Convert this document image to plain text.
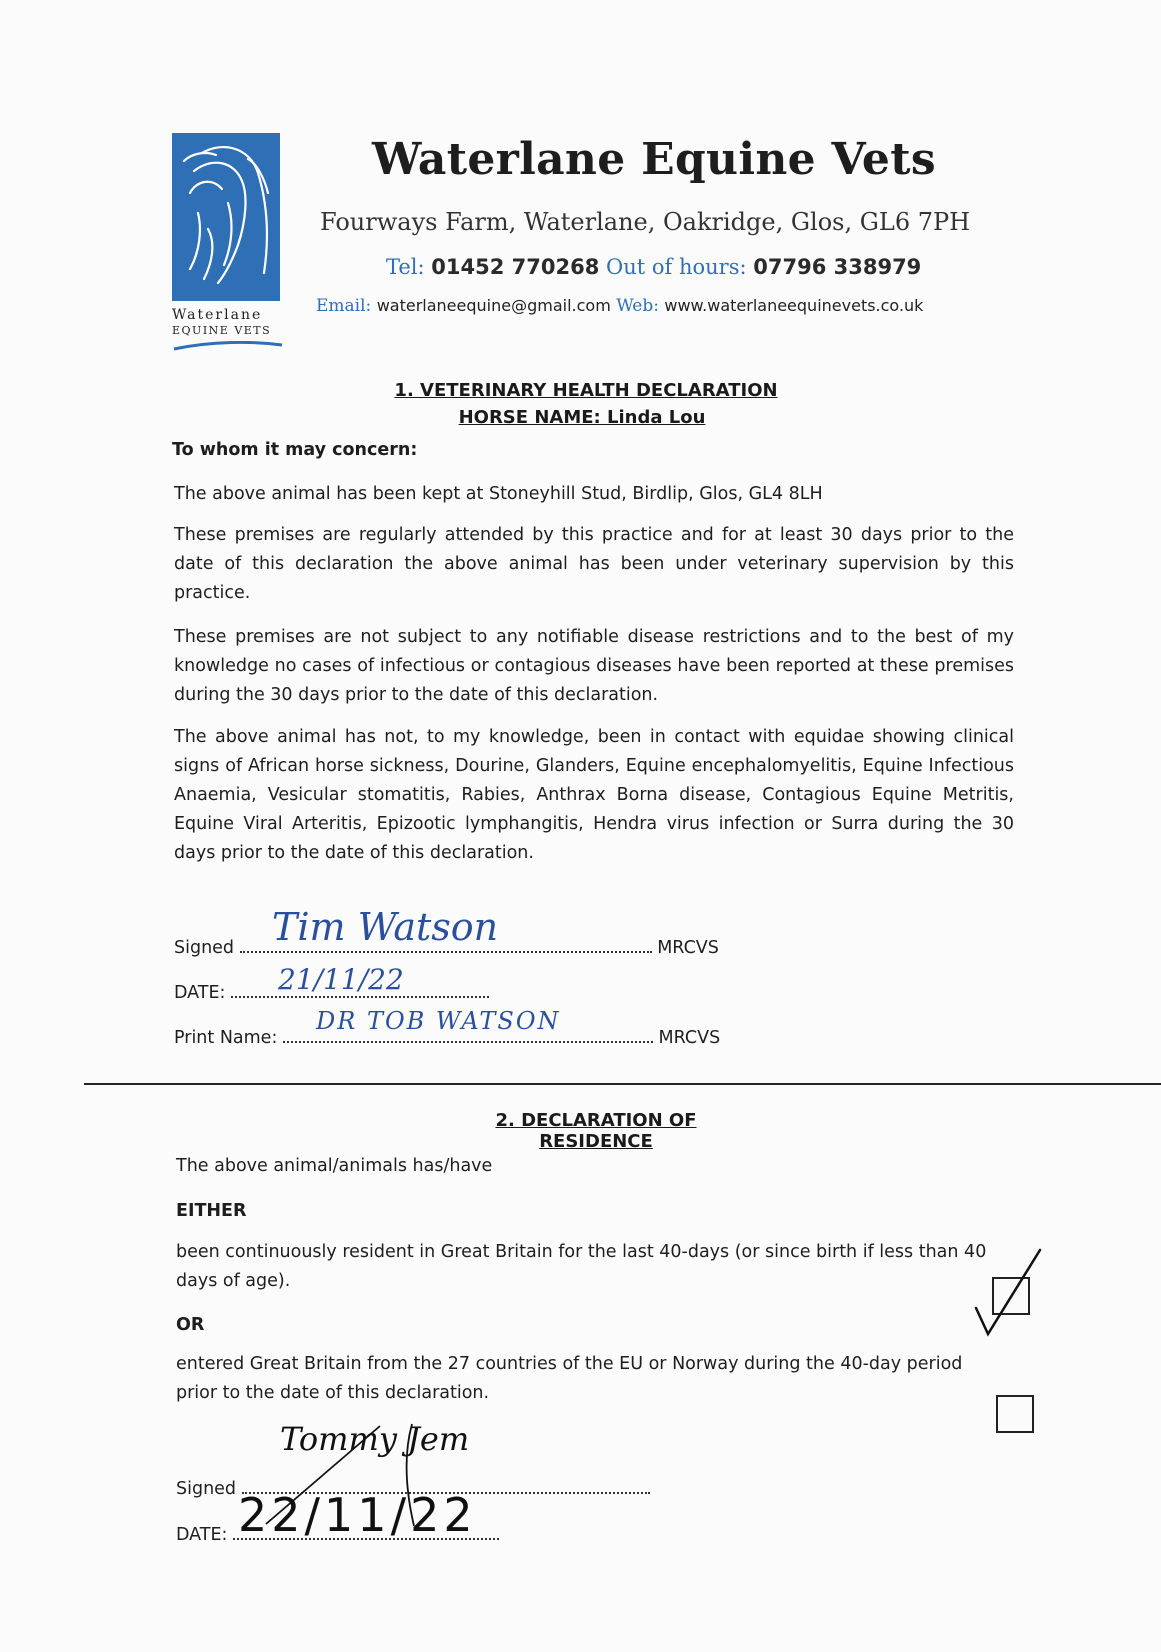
Waterlane
EQUINE VETS
Waterlane Equine Vets
Fourways Farm, Waterlane, Oakridge, Glos, GL6 7PH
Tel: 01452 770268 Out of hours: 07796 338979
Email: waterlaneequine@gmail.com Web: www.waterlaneequinevets.co.uk
1. VETERINARY HEALTH DECLARATION
HORSE NAME: Linda Lou
To whom it may concern:
The above animal has been kept at Stoneyhill Stud, Birdlip, Glos, GL4 8LH
These premises are regularly attended by this practice and for at least 30 days prior to the date of this declaration the above animal has been under veterinary supervision by this practice.
These premises are not subject to any notifiable disease restrictions and to the best of my knowledge no cases of infectious or contagious diseases have been reported at these premises during the 30 days prior to the date of this declaration.
The above animal has not, to my knowledge, been in contact with equidae showing clinical signs of African horse sickness, Dourine, Glanders, Equine encephalomyelitis, Equine Infectious Anaemia, Vesicular stomatitis, Rabies, Anthrax Borna disease, Contagious Equine Metritis, Equine Viral Arteritis, Epizootic lymphangitis, Hendra virus infection or Surra during the 30 days prior to the date of this declaration.
Signed	MRCVS
Tim Watson
DATE:	21/11/22
Print Name:	MRCVS
DR TOB WATSON
2. DECLARATION OF RESIDENCE
The above animal/animals has/have
EITHER
been continuously resident in Great Britain for the last 40-days (or since birth if less than 40 days of age).
OR
entered Great Britain from the 27 countries of the EU or Norway during the 40-day period prior to the date of this declaration.
Signed
Tommy Jem
DATE: 22/11/22
